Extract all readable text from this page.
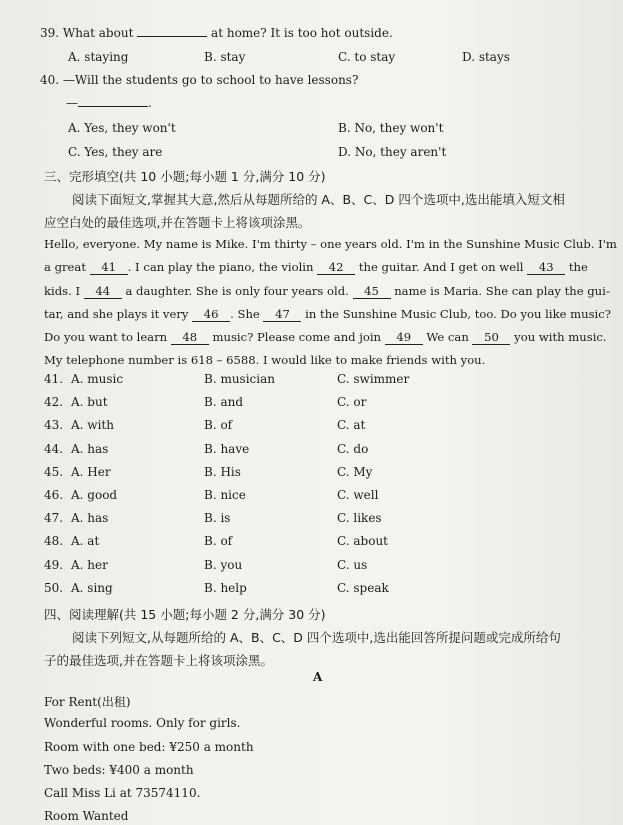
39. What about	at home? It is too hot outside.
A. staying	B. stay	C. to stay	D. stays
40. —Will the students go to school to have lessons?
—	.
A. Yes, they won't	B. No, they won't
C. Yes, they are	D. No, they aren't
三、完形填空(共 10 小题;每小题 1 分,满分 10 分)
阅读下面短文,掌握其大意,然后从每题所给的 A、B、C、D 四个选项中,选出能填入短文相
应空白处的最佳选项,并在答题卡上将该项涂黑。
Hello, everyone. My name is Mike. I'm thirty – one years old. I'm in the Sunshine Music Club. I'm
a great 41 . I can play the piano, the violin 42 the guitar. And I get on well 43 the
kids. I 44 a daughter. She is only four years old. 45 name is Maria. She can play the gui-
tar, and she plays it very 46 . She 47 in the Sunshine Music Club, too. Do you like music?
Do you want to learn 48 music? Please come and join 49 We can 50 you with music.
My telephone number is 618 – 6588. I would like to make friends with you.
41. A. music	B. musician	C. swimmer
42. A. but	B. and	C. or
43. A. with	B. of	C. at
44. A. has	B. have	C. do
45. A. Her	B. His	C. My
46. A. good	B. nice	C. well
47. A. has	B. is	C. likes
48. A. at	B. of	C. about
49. A. her	B. you	C. us
50. A. sing	B. help	C. speak
四、阅读理解(共 15 小题;每小题 2 分,满分 30 分)
阅读下列短文,从每题所给的 A、B、C、D 四个选项中,选出能回答所提问题或完成所给句
子的最佳选项,并在答题卡上将该项涂黑。
A
For Rent(出租)
Wonderful rooms. Only for girls.
Room with one bed: ¥250 a month
Two beds: ¥400 a month
Call Miss Li at 73574110.
Room Wanted
